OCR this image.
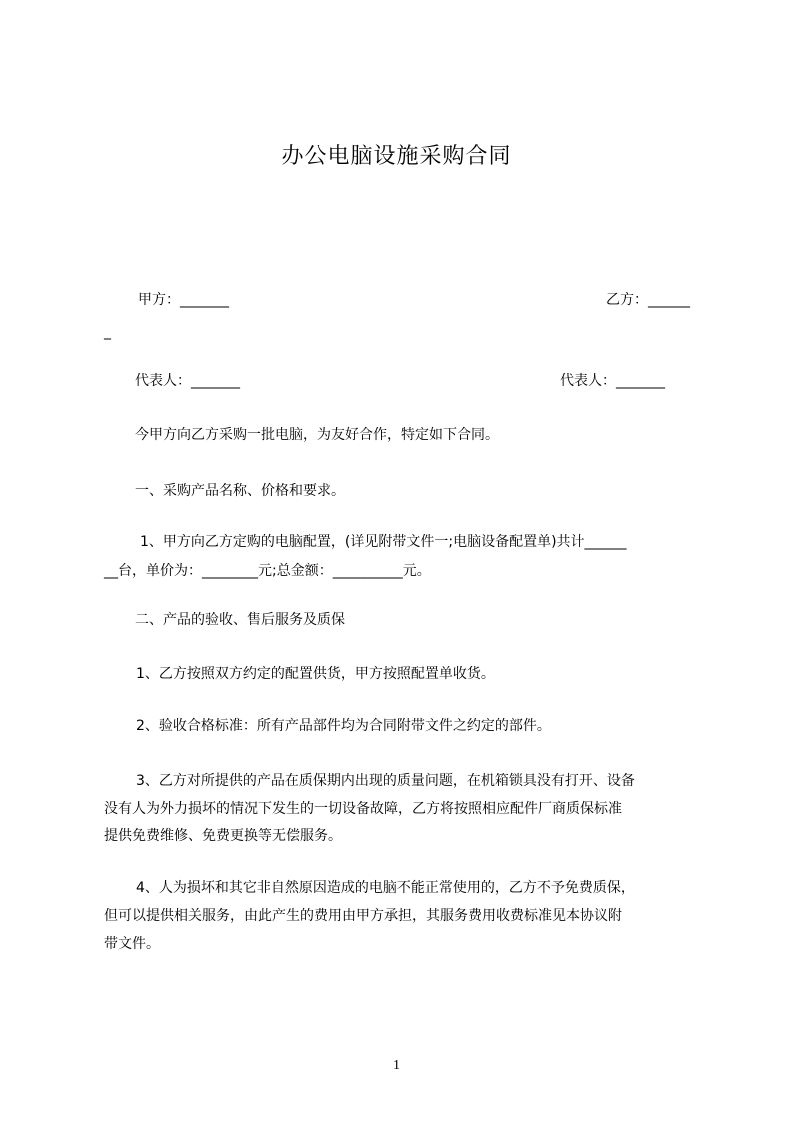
办公电脑设施采购合同
甲方：_______	乙方：______
_
代表人：_______	代表人：_______
今甲方向乙方采购一批电脑，为友好合作，特定如下合同。
一、采购产品名称、价格和要求。
1、甲方向乙方定购的电脑配置，(详见附带文件一;电脑设备配置单)共计______
__台，单价为：________元;总金额：__________元。
二、产品的验收、售后服务及质保
1、乙方按照双方约定的配置供货，甲方按照配置单收货。
2、验收合格标准：所有产品部件均为合同附带文件之约定的部件。
3、乙方对所提供的产品在质保期内出现的质量问题，在机箱锁具没有打开、设备
没有人为外力损坏的情况下发生的一切设备故障，乙方将按照相应配件厂商质保标准
提供免费维修、免费更换等无偿服务。
4、人为损坏和其它非自然原因造成的电脑不能正常使用的，乙方不予免费质保，
但可以提供相关服务，由此产生的费用由甲方承担，其服务费用收费标准见本协议附
带文件。
1
